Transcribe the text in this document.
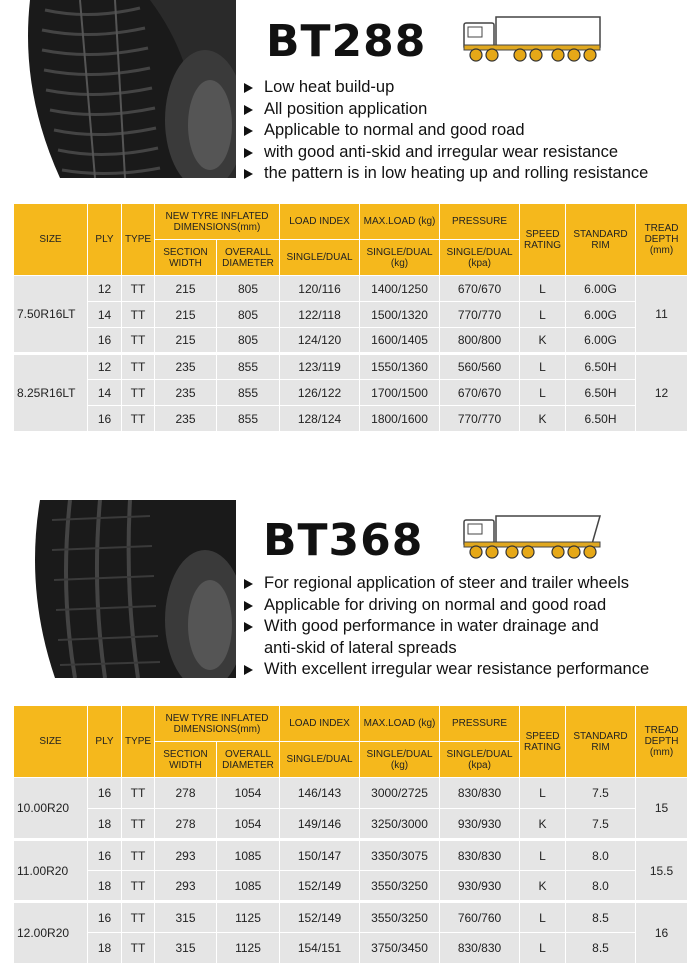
BT288
Low heat build-up
All position application
Applicable to normal and good road
with good anti-skid and irregular wear resistance
the pattern is in low heating up and rolling resistance
SIZE	PLY	TYPE	NEW TYRE INFLATED DIMENSIONS(mm)		LOAD INDEX	MAX.LOAD (kg)	PRESSURE	SPEED RATING	STANDARD RIM	TREAD DEPTH (mm)
			SECTION WIDTH	OVERALL DIAMETER	SINGLE/DUAL	SINGLE/DUAL (kg)	SINGLE/DUAL (kpa)			
7.50R16LT	12	TT	215	805	120/116	1400/1250	670/670	L	6.00G	11
	14	TT	215	805	122/118	1500/1320	770/770	L	6.00G	
	16	TT	215	805	124/120	1600/1405	800/800	K	6.00G	
8.25R16LT	12	TT	235	855	123/119	1550/1360	560/560	L	6.50H	12
	14	TT	235	855	126/122	1700/1500	670/670	L	6.50H	
	16	TT	235	855	128/124	1800/1600	770/770	K	6.50H	
BT368
For regional application of steer and trailer wheels
Applicable for driving on normal and good road
With good performance in water drainage and
anti-skid of lateral spreads
With excellent irregular wear resistance performance
SIZE	PLY	TYPE	NEW TYRE INFLATED DIMENSIONS(mm)		LOAD INDEX	MAX.LOAD (kg)	PRESSURE	SPEED RATING	STANDARD RIM	TREAD DEPTH (mm)
			SECTION WIDTH	OVERALL DIAMETER	SINGLE/DUAL	SINGLE/DUAL (kg)	SINGLE/DUAL (kpa)			
10.00R20	16	TT	278	1054	146/143	3000/2725	830/830	L	7.5	15
	18	TT	278	1054	149/146	3250/3000	930/930	K	7.5	
11.00R20	16	TT	293	1085	150/147	3350/3075	830/830	L	8.0	15.5
	18	TT	293	1085	152/149	3550/3250	930/930	K	8.0	
12.00R20	16	TT	315	1125	152/149	3550/3250	760/760	L	8.5	16
	18	TT	315	1125	154/151	3750/3450	830/830	L	8.5	
